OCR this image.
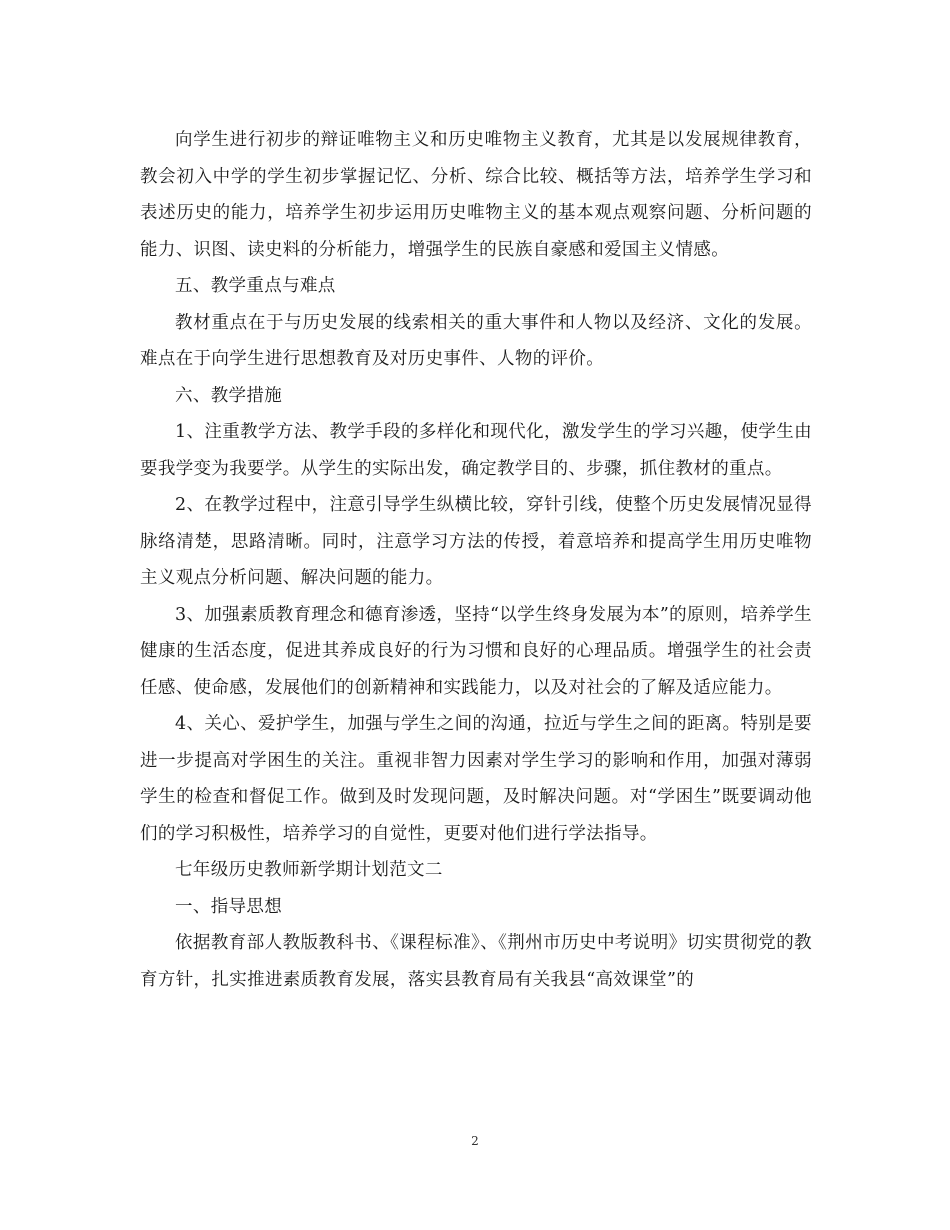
向学生进行初步的辩证唯物主义和历史唯物主义教育，尤其是以发展规律教育，教会初入中学的学生初步掌握记忆、分析、综合比较、概括等方法，培养学生学习和表述历史的能力，培养学生初步运用历史唯物主义的基本观点观察问题、分析问题的能力、识图、读史料的分析能力，增强学生的民族自豪感和爱国主义情感。

五、教学重点与难点

教材重点在于与历史发展的线索相关的重大事件和人物以及经济、文化的发展。难点在于向学生进行思想教育及对历史事件、人物的评价。

六、教学措施

1、注重教学方法、教学手段的多样化和现代化，激发学生的学习兴趣，使学生由要我学变为我要学。从学生的实际出发，确定教学目的、步骤，抓住教材的重点。

2、在教学过程中，注意引导学生纵横比较，穿针引线，使整个历史发展情况显得脉络清楚，思路清晰。同时，注意学习方法的传授，着意培养和提高学生用历史唯物主义观点分析问题、解决问题的能力。

3、加强素质教育理念和德育渗透，坚持“以学生终身发展为本”的原则，培养学生健康的生活态度，促进其养成良好的行为习惯和良好的心理品质。增强学生的社会责任感、使命感，发展他们的创新精神和实践能力，以及对社会的了解及适应能力。

4、关心、爱护学生，加强与学生之间的沟通，拉近与学生之间的距离。特别是要进一步提高对学困生的关注。重视非智力因素对学生学习的影响和作用，加强对薄弱学生的检查和督促工作。做到及时发现问题，及时解决问题。对“学困生”既要调动他们的学习积极性，培养学习的自觉性，更要对他们进行学法指导。

七年级历史教师新学期计划范文二

一、指导思想

依据教育部人教版教科书、《课程标准》、《荆州市历史中考说明》切实贯彻党的教育方针，扎实推进素质教育发展，落实县教育局有关我县“高效课堂”的

2
